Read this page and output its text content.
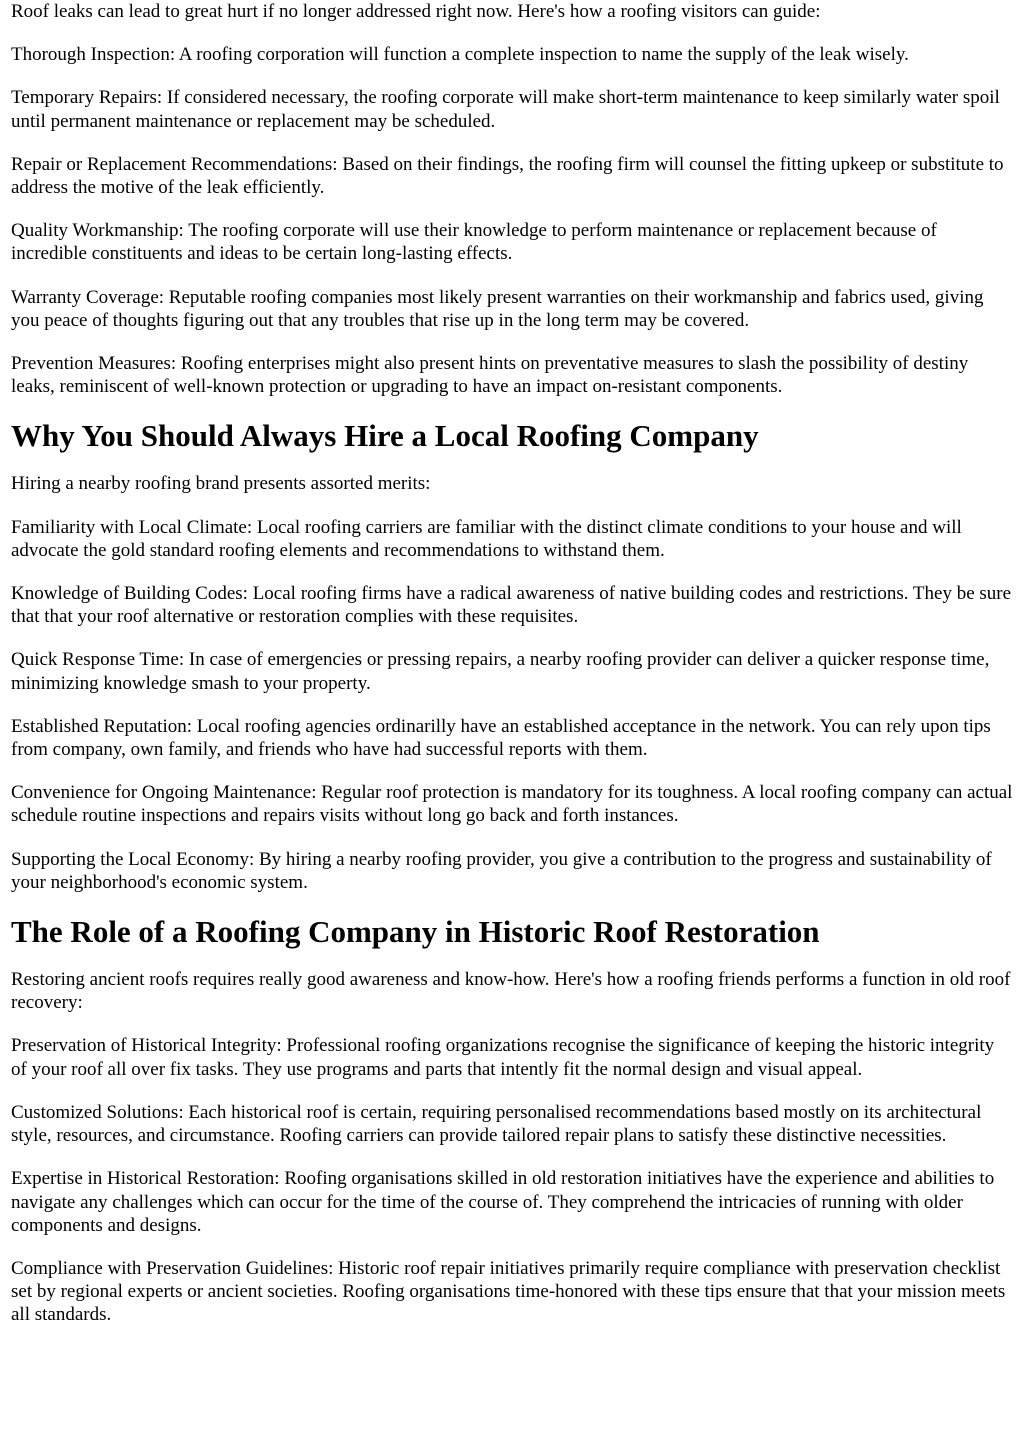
Roof leaks can lead to great hurt if no longer addressed right now. Here's how a roofing visitors can guide:

Thorough Inspection: A roofing corporation will function a complete inspection to name the supply of the leak wisely.

Temporary Repairs: If considered necessary, the roofing corporate will make short-term maintenance to keep similarly water spoil until permanent maintenance or replacement may be scheduled.

Repair or Replacement Recommendations: Based on their findings, the roofing firm will counsel the fitting upkeep or substitute to address the motive of the leak efficiently.

Quality Workmanship: The roofing corporate will use their knowledge to perform maintenance or replacement because of incredible constituents and ideas to be certain long-lasting effects.

Warranty Coverage: Reputable roofing companies most likely present warranties on their workmanship and fabrics used, giving you peace of thoughts figuring out that any troubles that rise up in the long term may be covered.

Prevention Measures: Roofing enterprises might also present hints on preventative measures to slash the possibility of destiny leaks, reminiscent of well-known protection or upgrading to have an impact on-resistant components.

Why You Should Always Hire a Local Roofing Company

Hiring a nearby roofing brand presents assorted merits:

Familiarity with Local Climate: Local roofing carriers are familiar with the distinct climate conditions to your house and will advocate the gold standard roofing elements and recommendations to withstand them.

Knowledge of Building Codes: Local roofing firms have a radical awareness of native building codes and restrictions. They be sure that that your roof alternative or restoration complies with these requisites.

Quick Response Time: In case of emergencies or pressing repairs, a nearby roofing provider can deliver a quicker response time, minimizing knowledge smash to your property.

Established Reputation: Local roofing agencies ordinarilly have an established acceptance in the network. You can rely upon tips from company, own family, and friends who have had successful reports with them.

Convenience for Ongoing Maintenance: Regular roof protection is mandatory for its toughness. A local roofing company can actual schedule routine inspections and repairs visits without long go back and forth instances.

Supporting the Local Economy: By hiring a nearby roofing provider, you give a contribution to the progress and sustainability of your neighborhood's economic system.

The Role of a Roofing Company in Historic Roof Restoration

Restoring ancient roofs requires really good awareness and know-how. Here's how a roofing friends performs a function in old roof recovery:

Preservation of Historical Integrity: Professional roofing organizations recognise the significance of keeping the historic integrity of your roof all over fix tasks. They use programs and parts that intently fit the normal design and visual appeal.

Customized Solutions: Each historical roof is certain, requiring personalised recommendations based mostly on its architectural style, resources, and circumstance. Roofing carriers can provide tailored repair plans to satisfy these distinctive necessities.

Expertise in Historical Restoration: Roofing organisations skilled in old restoration initiatives have the experience and abilities to navigate any challenges which can occur for the time of the course of. They comprehend the intricacies of running with older components and designs.

Compliance with Preservation Guidelines: Historic roof repair initiatives primarily require compliance with preservation checklist set by regional experts or ancient societies. Roofing organisations time-honored with these tips ensure that that your mission meets all standards.
